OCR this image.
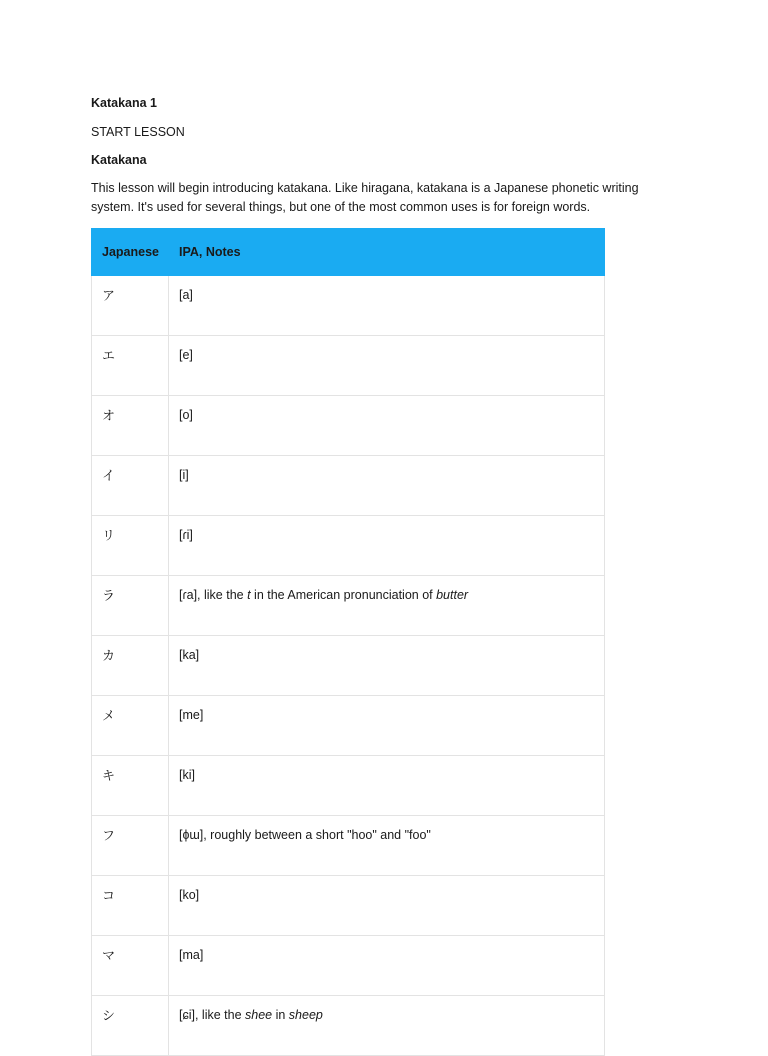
Katakana 1

START LESSON

Katakana

This lesson will begin introducing katakana. Like hiragana, katakana is a Japanese phonetic writing system. It's used for several things, but one of the most common uses is for foreign words.

Japanese	IPA, Notes
ア	[a]
エ	[e]
オ	[o]
イ	[i]
リ	[ɾi]
ラ	[ɾa], like the t in the American pronunciation of butter
カ	[ka]
メ	[me]
キ	[ki]
フ	[ɸɯ], roughly between a short "hoo" and "foo"
コ	[ko]
マ	[ma]
シ	[ɕi], like the shee in sheep
